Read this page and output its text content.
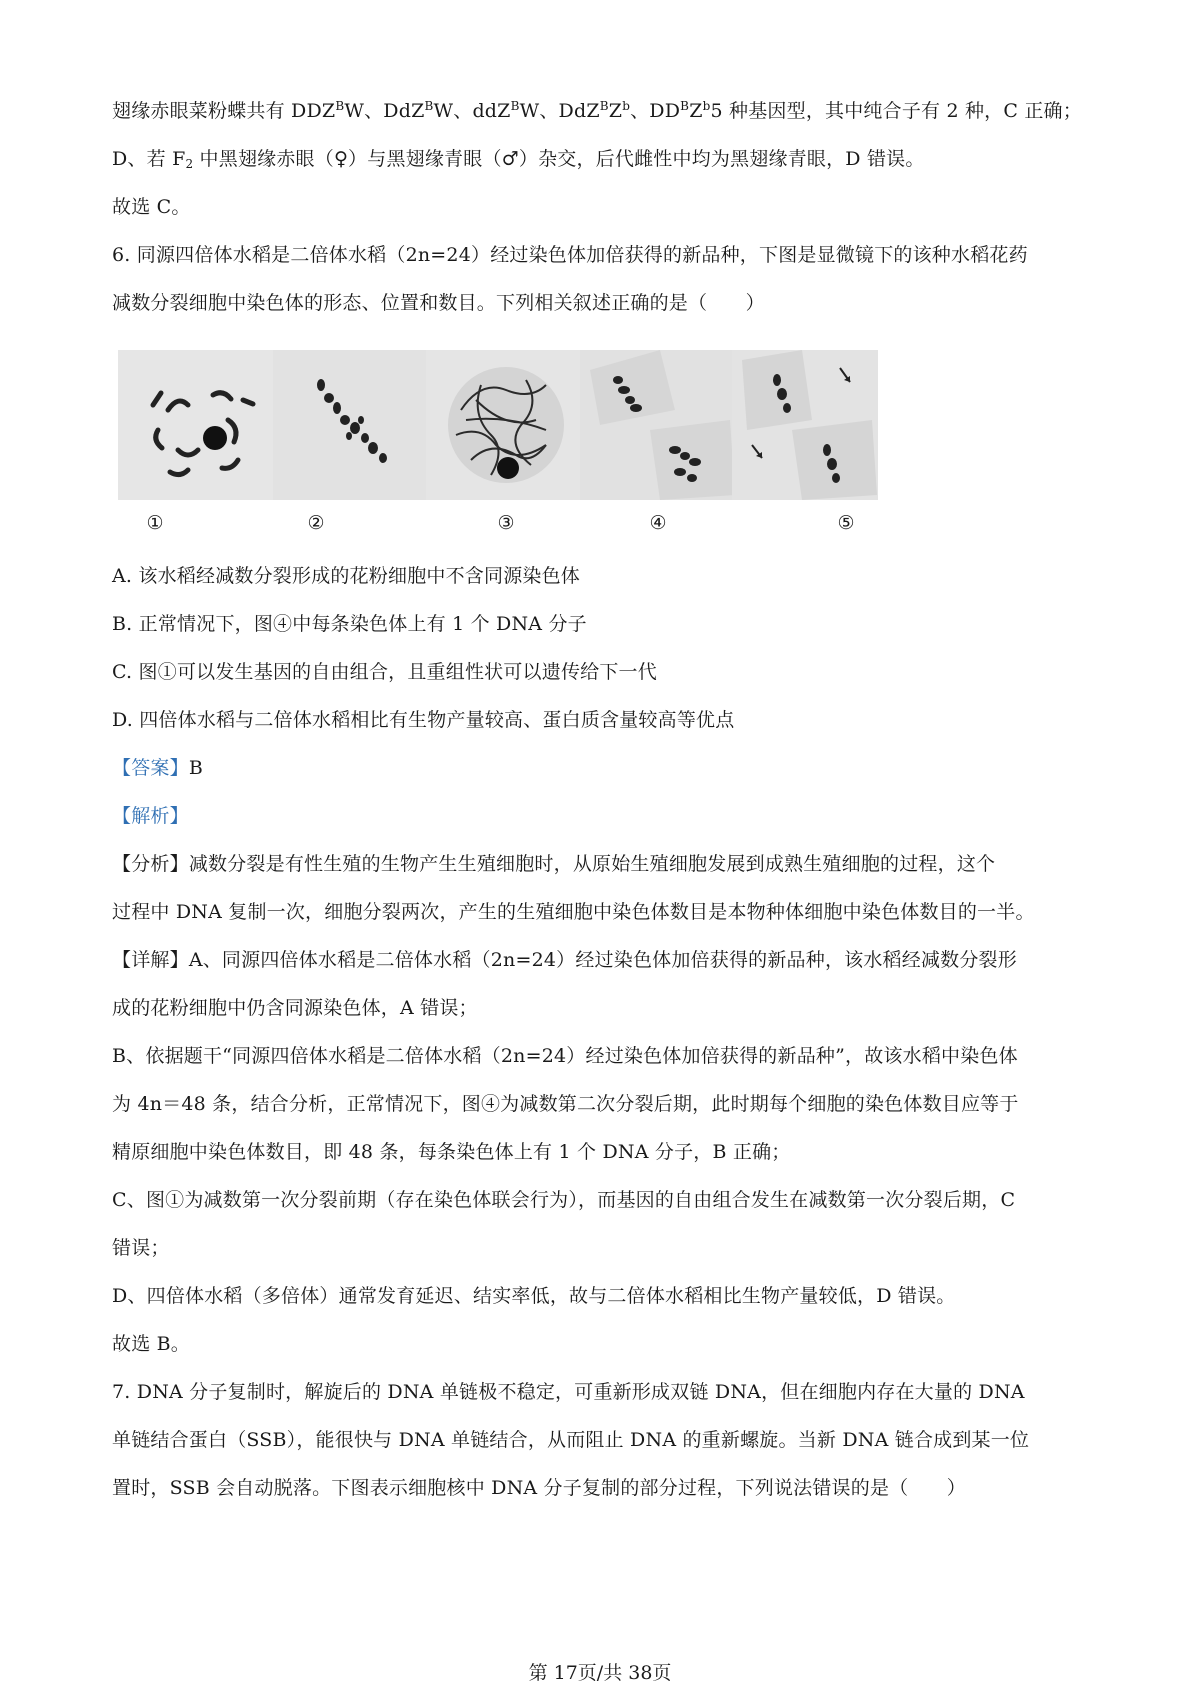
翅缘赤眼菜粉蝶共有 $DDZ^BW$、DdZ$^B$W、ddZ$^B$W、$DdZ^BZ^b$、$DD^BZ^b5$ 种基因型，其中纯合子有 2 种，C 正确；
D、若 $F_2$ 中黑翅缘赤眼（♀）与黑翅缘青眼（♂）杂交，后代雌性中均为黑翅缘青眼，D 错误。
故选 C。
6. 同源四倍体水稻是二倍体水稻（2n=24）经过染色体加倍获得的新品种，下图是显微镜下的该种水稻花药
减数分裂细胞中染色体的形态、位置和数目。下列相关叙述正确的是（　　）
①	②	③	④	⑤
A. 该水稻经减数分裂形成的花粉细胞中不含同源染色体
B. 正常情况下，图④中每条染色体上有 1 个 DNA 分子
C. 图①可以发生基因的自由组合，且重组性状可以遗传给下一代
D. 四倍体水稻与二倍体水稻相比有生物产量较高、蛋白质含量较高等优点
【答案】B
【解析】
【分析】减数分裂是有性生殖的生物产生生殖细胞时，从原始生殖细胞发展到成熟生殖细胞的过程，这个
过程中 DNA 复制一次，细胞分裂两次，产生的生殖细胞中染色体数目是本物种体细胞中染色体数目的一半。
【详解】A、同源四倍体水稻是二倍体水稻（2n=24）经过染色体加倍获得的新品种，该水稻经减数分裂形
成的花粉细胞中仍含同源染色体，A 错误；
B、依据题干“同源四倍体水稻是二倍体水稻（2n=24）经过染色体加倍获得的新品种”，故该水稻中染色体
为 4n＝48 条，结合分析，正常情况下，图④为减数第二次分裂后期，此时期每个细胞的染色体数目应等于
精原细胞中染色体数目，即 48 条，每条染色体上有 1 个 DNA 分子，B 正确；
C、图①为减数第一次分裂前期（存在染色体联会行为），而基因的自由组合发生在减数第一次分裂后期，C
错误；
D、四倍体水稻（多倍体）通常发育延迟、结实率低，故与二倍体水稻相比生物产量较低，D 错误。
故选 B。
7. DNA 分子复制时，解旋后的 DNA 单链极不稳定，可重新形成双链 DNA，但在细胞内存在大量的 DNA
单链结合蛋白（SSB），能很快与 DNA 单链结合，从而阻止 DNA 的重新螺旋。当新 DNA 链合成到某一位
置时，SSB 会自动脱落。下图表示细胞核中 DNA 分子复制的部分过程，下列说法错误的是（　　）
第 17页/共 38页
